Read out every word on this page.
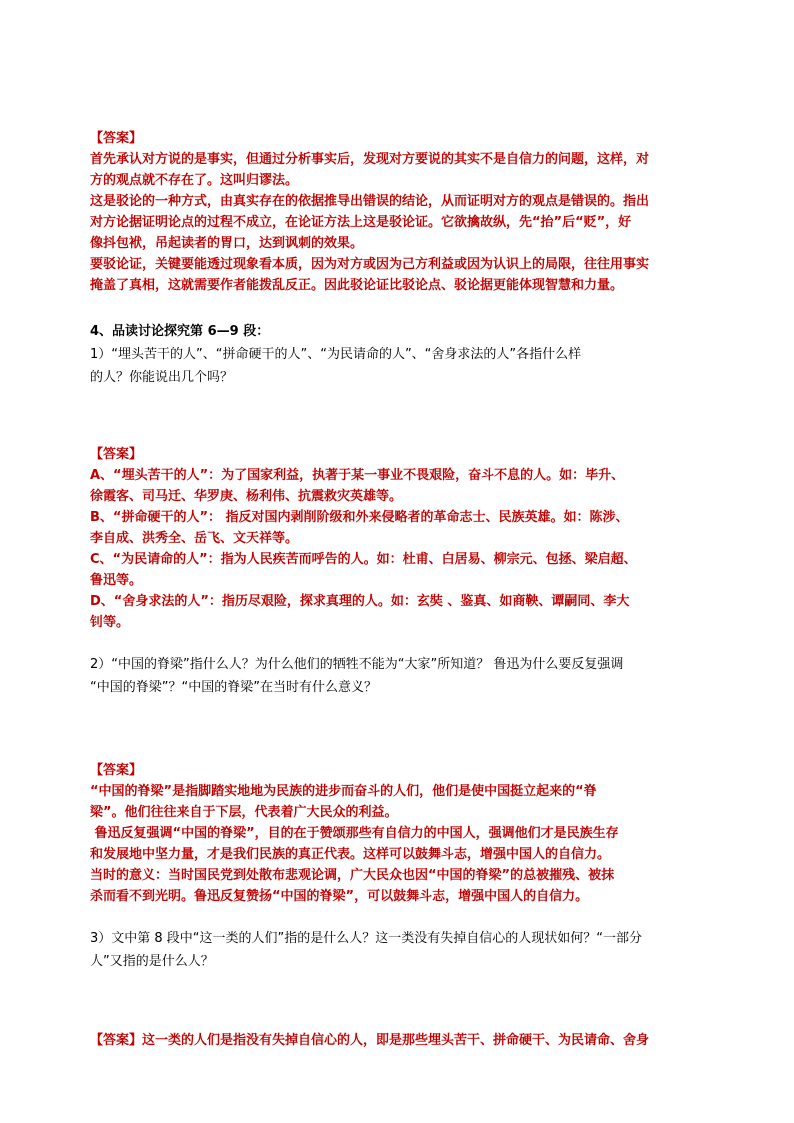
【答案】
首先承认对方说的是事实，但通过分析事实后，发现对方要说的其实不是自信力的问题，这样，对
方的观点就不存在了。这叫归谬法。
这是驳论的一种方式，由真实存在的依据推导出错误的结论，从而证明对方的观点是错误的。指出
对方论据证明论点的过程不成立，在论证方法上这是驳论证。它欲擒故纵，先“抬”后“贬”，好
像抖包袱，吊起读者的胃口，达到讽刺的效果。
要驳论证，关键要能透过现象看本质，因为对方或因为己方利益或因为认识上的局限，往往用事实
掩盖了真相，这就需要作者能拨乱反正。因此驳论证比驳论点、驳论据更能体现智慧和力量。
4、品读讨论探究第 6—9 段：
1）“埋头苦干的人”、“拼命硬干的人”、“为民请命的人”、“舍身求法的人”各指什么样
的人？你能说出几个吗？
【答案】
A、“埋头苦干的人”：为了国家利益，执著于某一事业不畏艰险，奋斗不息的人。如：毕升、
徐霞客、司马迁、华罗庚、杨利伟、抗震救灾英雄等。
B、“拼命硬干的人”： 指反对国内剥削阶级和外来侵略者的革命志士、民族英雄。如：陈涉、
李自成、洪秀全、岳飞、文天祥等。
C、“为民请命的人”：指为人民疾苦而呼告的人。如：杜甫、白居易、柳宗元、包拯、梁启超、
鲁迅等。
D、“舍身求法的人”：指历尽艰险，探求真理的人。如：玄奘 、鉴真、如商鞅、谭嗣同、李大
钊等。
2）“中国的脊梁”指什么人？为什么他们的牺牲不能为“大家”所知道？ 鲁迅为什么要反复强调
“中国的脊梁”？“中国的脊梁”在当时有什么意义？
【答案】
“中国的脊梁”是指脚踏实地地为民族的进步而奋斗的人们，他们是使中国挺立起来的“脊
梁”。他们往往来自于下层，代表着广大民众的利益。
鲁迅反复强调“中国的脊梁”，目的在于赞颂那些有自信力的中国人，强调他们才是民族生存
和发展地中坚力量，才是我们民族的真正代表。这样可以鼓舞斗志，增强中国人的自信力。
当时的意义：当时国民党到处散布悲观论调，广大民众也因“中国的脊梁”的总被摧残、被抹
杀而看不到光明。鲁迅反复赞扬“中国的脊梁”，可以鼓舞斗志，增强中国人的自信力。
3）文中第 8 段中“这一类的人们”指的是什么人？这一类没有失掉自信心的人现状如何？“一部分
人”又指的是什么人？
【答案】这一类的人们是指没有失掉自信心的人，即是那些埋头苦干、拼命硬干、为民请命、舍身
